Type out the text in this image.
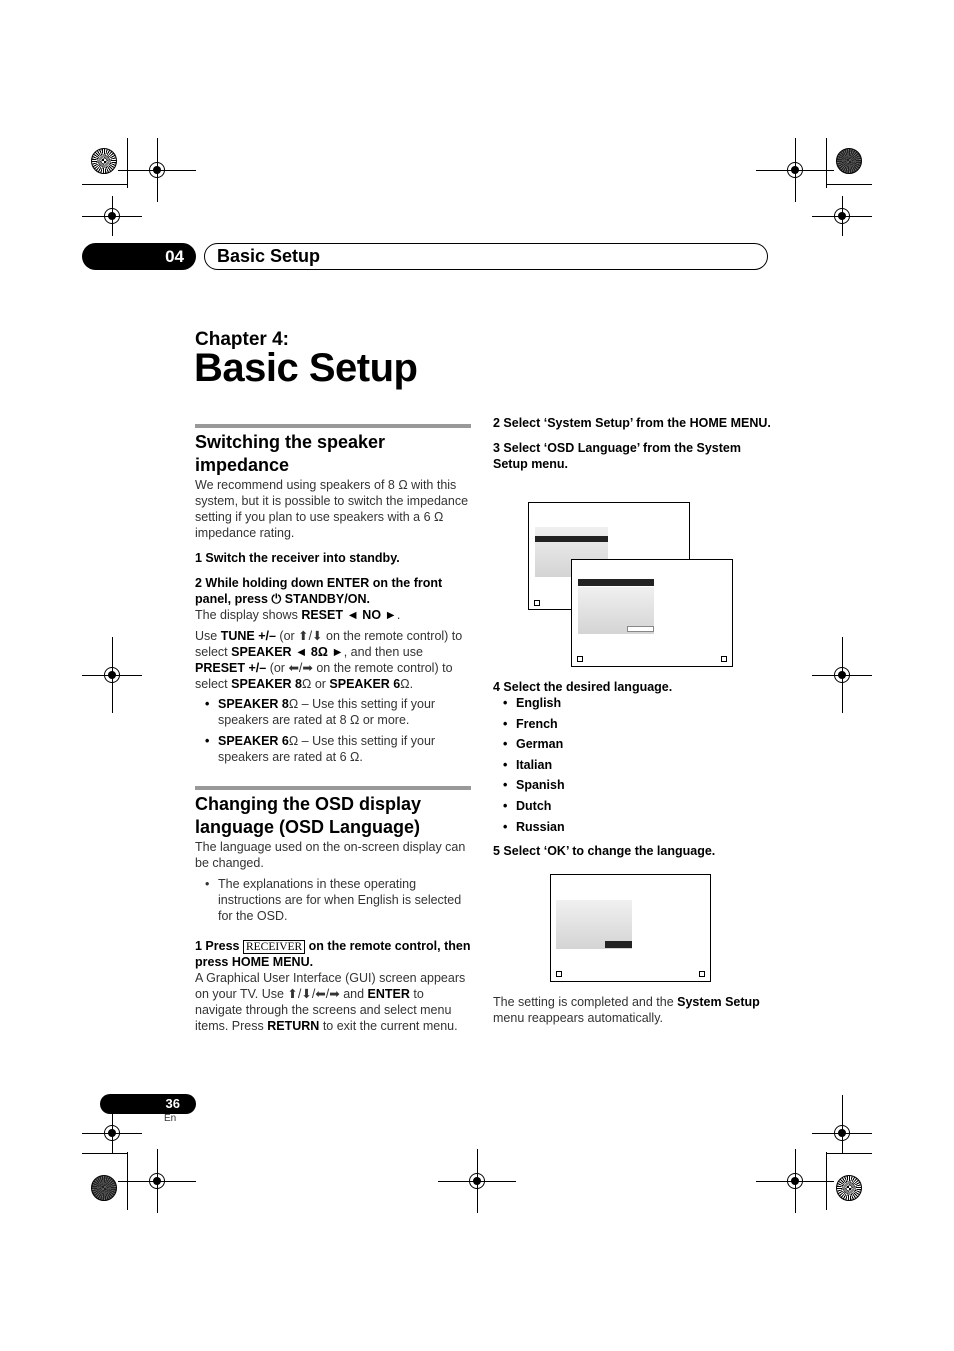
04	Basic Setup
Chapter 4:
Basic Setup
Switching the speaker impedance

We recommend using speakers of 8 Ω with this system, but it is possible to switch the impedance setting if you plan to use speakers with a 6 Ω impedance rating.

1 Switch the receiver into standby.

2 While holding down ENTER on the front panel, press ⏻ STANDBY/ON.

The display shows RESET ◄ NO ►.

Use TUNE +/– (or ⬆/⬇ on the remote control) to select SPEAKER ◄ 8Ω ►, and then use PRESET +/– (or ⬅/➡ on the remote control) to select SPEAKER 8Ω or SPEAKER 6Ω.

• SPEAKER 8Ω – Use this setting if your speakers are rated at 8 Ω or more.

• SPEAKER 6Ω – Use this setting if your speakers are rated at 6 Ω.

Changing the OSD display language (OSD Language)

The language used on the on-screen display can be changed.

• The explanations in these operating instructions are for when English is selected for the OSD.

1 Press RECEIVER on the remote control, then press HOME MENU.

A Graphical User Interface (GUI) screen appears on your TV. Use ⬆/⬇/⬅/➡ and ENTER to navigate through the screens and select menu items. Press RETURN to exit the current menu.

2 Select ‘System Setup’ from the HOME MENU.

3 Select ‘OSD Language’ from the System Setup menu.

4 Select the desired language.

• English

• French

• German

• Italian

• Spanish

• Dutch

• Russian

5 Select ‘OK’ to change the language.

The setting is completed and the System Setup menu reappears automatically.

36
En
